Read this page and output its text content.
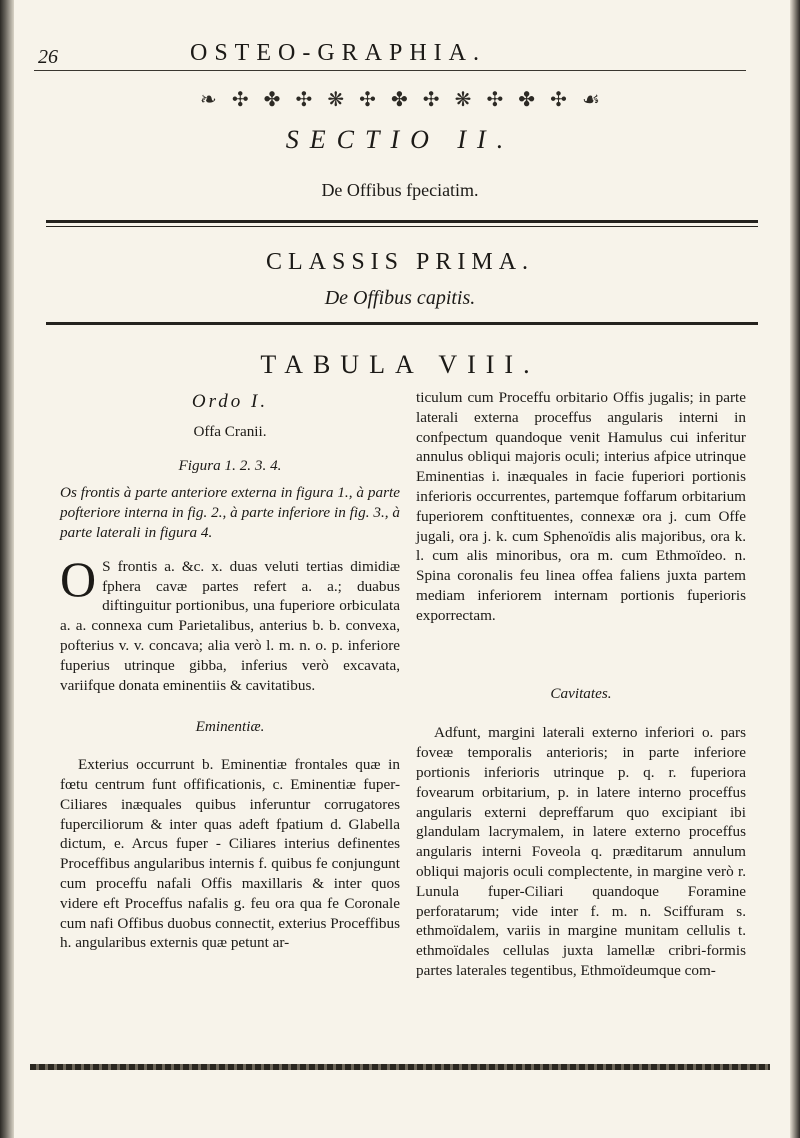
26	OSTEO-GRAPHIA.
❧ ✣ ✤ ✣ ❋ ✣ ✤ ✣ ❋ ✣ ✤ ✣ ☙
SECTIO II.
De Offibus fpeciatim.
CLASSIS PRIMA.
De Offibus capitis.
TABULA VIII.

Ordo I.

Offa Cranii.

Figura 1. 2. 3. 4.

Os frontis à parte anteriore externa in figura 1., à parte pofteriore interna in fig. 2., à parte inferiore in fig. 3., à parte laterali in figura 4.

O S frontis a. &c. x. duas veluti tertias dimidiæ fphera cavæ partes refert a. a.; duabus diftinguitur portionibus, una fuperiore orbiculata a. a. connexa cum Parietalibus, anterius b. b. convexa, pofterius v. v. concava; alia verò l. m. n. o. p. inferiore fuperius utrinque gibba, inferius verò excavata, variifque donata eminentiis & cavitatibus.

Eminentiæ.

Exterius occurrunt b. Eminentiæ frontales quæ in fœtu centrum funt offificationis, c. Eminentiæ fuper-Ciliares inæquales quibus inferuntur corrugatores fuperciliorum & inter quas adeft fpatium d. Glabella dictum, e. Arcus fuper - Ciliares interius definentes Proceffibus angularibus internis f. quibus fe conjungunt cum proceffu nafali Offis maxillaris & inter quos videre eft Proceffus nafalis g. feu ora qua fe Coronale cum nafi Offibus duobus connectit, exterius Proceffibus h. angularibus externis quæ petunt ar-

ticulum cum Proceffu orbitario Offis jugalis; in parte laterali externa proceffus angularis interni in confpectum quandoque venit Hamulus cui inferitur annulus obliqui majoris oculi; interius afpice utrinque Eminentias i. inæquales in facie fuperiori portionis inferioris occurrentes, partemque foffarum orbitarium fuperiorem conftituentes, connexæ ora j. cum Offe jugali, ora j. k. cum Sphenoïdis alis majoribus, ora k. l. cum alis minoribus, ora m. cum Ethmoïdeo. n. Spina coronalis feu linea offea faliens juxta partem mediam inferiorem internam portionis fuperioris exporrectam.

Cavitates.

Adfunt, margini laterali externo inferiori o. pars foveæ temporalis anterioris; in parte inferiore portionis inferioris utrinque p. q. r. fuperiora fovearum orbitarium, p. in latere interno proceffus angularis externi depreffarum quo excipiant ibi glandulam lacrymalem, in latere externo proceffus angularis interni Foveola q. præditarum annulum obliqui majoris oculi complectente, in margine verò r. Lunula fuper-Ciliari quandoque Foramine perforatarum; vide inter f. m. n. Sciffuram s. ethmoïdalem, variis in margine munitam cellulis t. ethmoïdales cellulas juxta lamellæ cribri-formis partes laterales tegentibus, Ethmoïdeumque com-
